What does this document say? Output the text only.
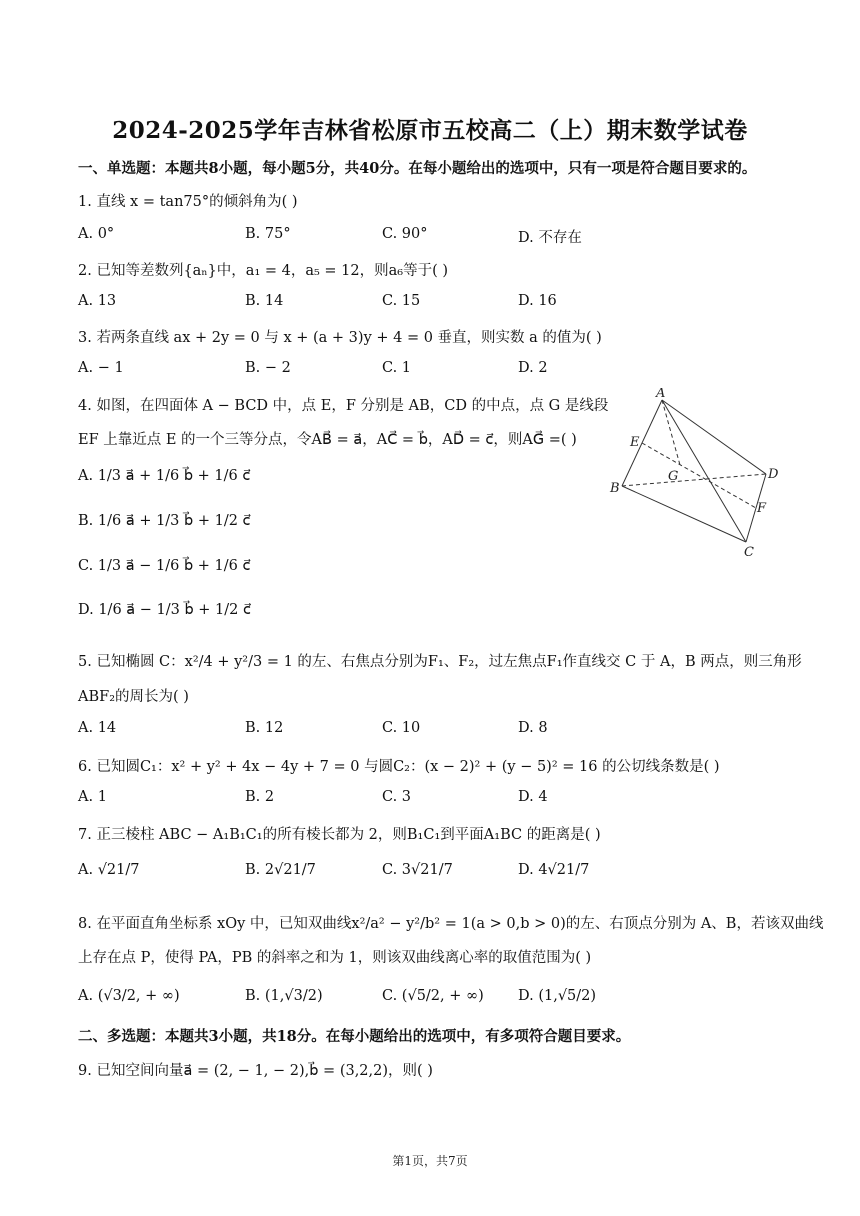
2024-2025学年吉林省松原市五校高二（上）期末数学试卷
一、单选题：本题共8小题，每小题5分，共40分。在每小题给出的选项中，只有一项是符合题目要求的。
1. 直线 x = tan75°的倾斜角为( )
A. 0°	B. 75°	C. 90°	D. 不存在
2. 已知等差数列{aₙ}中，a₁ = 4，a₅ = 12，则a₆等于( )
A. 13	B. 14	C. 15	D. 16
3. 若两条直线 ax + 2y = 0 与 x + (a + 3)y + 4 = 0 垂直，则实数 a 的值为( )
A. − 1	B. − 2	C. 1	D. 2
4. 如图，在四面体 A − BCD 中，点 E，F 分别是 AB，CD 的中点，点 G 是线段
EF 上靠近点 E 的一个三等分点，令AB⃗ = a⃗，AC⃗ = b⃗，AD⃗ = c⃗，则AG⃗ =( )
A. 1/3 a⃗ + 1/6 b⃗ + 1/6 c⃗
B. 1/6 a⃗ + 1/3 b⃗ + 1/2 c⃗
C. 1/3 a⃗ − 1/6 b⃗ + 1/6 c⃗
D. 1/6 a⃗ − 1/3 b⃗ + 1/2 c⃗
A
E
G	D
B
F
C
5. 已知椭圆 C：x²/4 + y²/3 = 1 的左、右焦点分别为F₁、F₂，过左焦点F₁作直线交 C 于 A，B 两点，则三角形
ABF₂的周长为( )
A. 14	B. 12	C. 10	D. 8
6. 已知圆C₁：x² + y² + 4x − 4y + 7 = 0 与圆C₂：(x − 2)² + (y − 5)² = 16 的公切线条数是( )
A. 1	B. 2	C. 3	D. 4
7. 正三棱柱 ABC − A₁B₁C₁的所有棱长都为 2，则B₁C₁到平面A₁BC 的距离是( )
A. √21/7	B. 2√21/7	C. 3√21/7	D. 4√21/7
8. 在平面直角坐标系 xOy 中，已知双曲线x²/a² − y²/b² = 1(a > 0,b > 0)的左、右顶点分别为 A、B，若该双曲线
上存在点 P，使得 PA，PB 的斜率之和为 1，则该双曲线离心率的取值范围为( )
A. (√3/2, + ∞)	B. (1,√3/2)	C. (√5/2, + ∞) D. (1,√5/2)
二、多选题：本题共3小题，共18分。在每小题给出的选项中，有多项符合题目要求。
9. 已知空间向量a⃗ = (2, − 1, − 2),b⃗ = (3,2,2)，则( )
第1页，共7页
